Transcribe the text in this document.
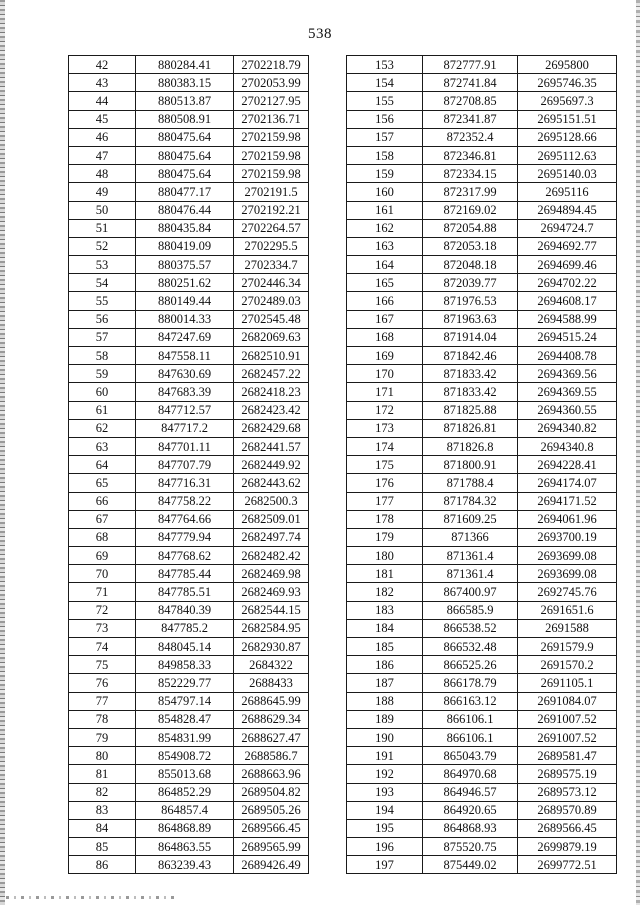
538
42	880284.41	2702218.79
43	880383.15	2702053.99
44	880513.87	2702127.95
45	880508.91	2702136.71
46	880475.64	2702159.98
47	880475.64	2702159.98
48	880475.64	2702159.98
49	880477.17	2702191.5
50	880476.44	2702192.21
51	880435.84	2702264.57
52	880419.09	2702295.5
53	880375.57	2702334.7
54	880251.62	2702446.34
55	880149.44	2702489.03
56	880014.33	2702545.48
57	847247.69	2682069.63
58	847558.11	2682510.91
59	847630.69	2682457.22
60	847683.39	2682418.23
61	847712.57	2682423.42
62	847717.2	2682429.68
63	847701.11	2682441.57
64	847707.79	2682449.92
65	847716.31	2682443.62
66	847758.22	2682500.3
67	847764.66	2682509.01
68	847779.94	2682497.74
69	847768.62	2682482.42
70	847785.44	2682469.98
71	847785.51	2682469.93
72	847840.39	2682544.15
73	847785.2	2682584.95
74	848045.14	2682930.87
75	849858.33	2684322
76	852229.77	2688433
77	854797.14	2688645.99
78	854828.47	2688629.34
79	854831.99	2688627.47
80	854908.72	2688586.7
81	855013.68	2688663.96
82	864852.29	2689504.82
83	864857.4	2689505.26
84	864868.89	2689566.45
85	864863.55	2689565.99
86	863239.43	2689426.49
153	872777.91	2695800
154	872741.84	2695746.35
155	872708.85	2695697.3
156	872341.87	2695151.51
157	872352.4	2695128.66
158	872346.81	2695112.63
159	872334.15	2695140.03
160	872317.99	2695116
161	872169.02	2694894.45
162	872054.88	2694724.7
163	872053.18	2694692.77
164	872048.18	2694699.46
165	872039.77	2694702.22
166	871976.53	2694608.17
167	871963.63	2694588.99
168	871914.04	2694515.24
169	871842.46	2694408.78
170	871833.42	2694369.56
171	871833.42	2694369.55
172	871825.88	2694360.55
173	871826.81	2694340.82
174	871826.8	2694340.8
175	871800.91	2694228.41
176	871788.4	2694174.07
177	871784.32	2694171.52
178	871609.25	2694061.96
179	871366	2693700.19
180	871361.4	2693699.08
181	871361.4	2693699.08
182	867400.97	2692745.76
183	866585.9	2691651.6
184	866538.52	2691588
185	866532.48	2691579.9
186	866525.26	2691570.2
187	866178.79	2691105.1
188	866163.12	2691084.07
189	866106.1	2691007.52
190	866106.1	2691007.52
191	865043.79	2689581.47
192	864970.68	2689575.19
193	864946.57	2689573.12
194	864920.65	2689570.89
195	864868.93	2689566.45
196	875520.75	2699879.19
197	875449.02	2699772.51
